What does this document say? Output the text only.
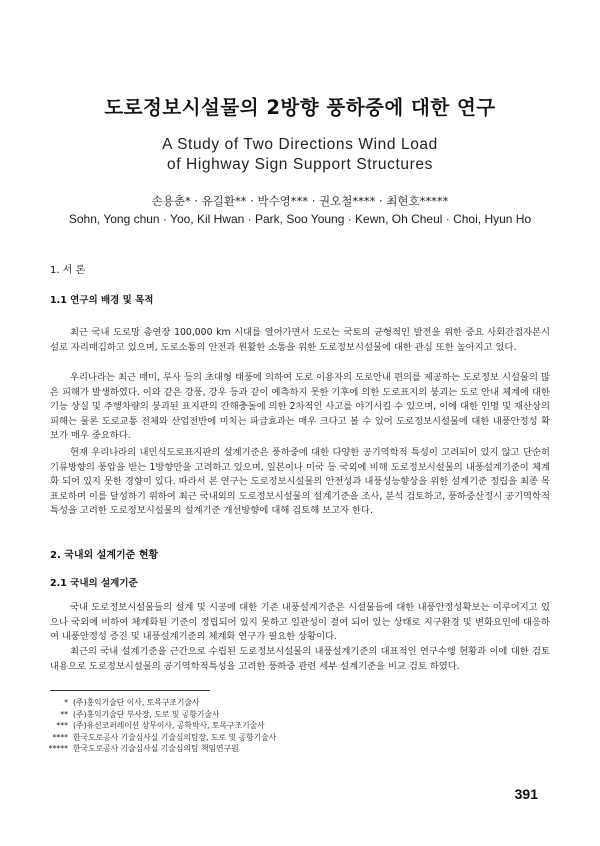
도로정보시설물의 2방향 풍하중에 대한 연구
A Study of Two Directions Wind Load
of Highway Sign Support Structures
손용춘* · 유길환** · 박수영*** · 권오철**** · 최현호*****
Sohn, Yong chun · Yoo, Kil Hwan · Park, Soo Young · Kewn, Oh Cheul · Choi, Hyun Ho
1. 서 론
1.1 연구의 배경 및 목적

최근 국내 도로망 총연장 100,000 km 시대를 열어가면서 도로는 국토의 균형적인 발전을 위한 중요 사회간접자본시설로 자리매김하고 있으며, 도로소통의 안전과 원활한 소통을 위한 도로정보시설물에 대한 관심 또한 높아지고 있다.

우리나라는 최근 매미, 루사 등의 초대형 태풍에 의하여 도로 이용자의 도로안내 편의를 제공하는 도로정보 시설물의 많은 피해가 발생하였다. 이와 같은 강풍, 강우 등과 같이 예측하지 못한 기후에 의한 도로표지의 붕괴는 도로 안내 체계에 대한 기능 상실 및 주행차량의 붕괴된 표지판의 잔해충돌에 의한 2차적인 사고를 야기시킬 수 있으며, 이에 대한 인명 및 재산상의 피해는 물론 도로교통 전체와 산업전반에 미치는 파급효과는 매우 크다고 볼 수 있어 도로정보시설물에 대한 내풍안정성 확보가 매우 중요하다.

현재 우리나라의 내민식도로표지판의 설계기준은 풍하중에 대한 다양한 공기역학적 특성이 고려되어 있지 않고 단순히 기류방향의 풍압을 받는 1방향만을 고려하고 있으며, 일본이나 미국 등 국외에 비해 도로정보시설물의 내풍설계기준이 체계화 되어 있지 못한 경향이 있다. 따라서 본 연구는 도로정보시설물의 안전성과 내풍성능향상을 위한 설계기준 정립을 최종 목표로하며 이를 달성하기 위하여 최근 국내외의 도로정보시설물의 설계기준을 조사, 분석 검토하고, 풍하중산정시 공기역학적 특성을 고려한 도로정보시설물의 설계기준 개선방향에 대해 검토해 보고자 한다.

2. 국내외 설계기준 현황
2.1 국내의 설계기준

국내 도로정보시설물들의 설계 및 시공에 대한 기존 내풍설계기준은 시설물들에 대한 내풍안정성확보는 이루어지고 있으나 국외에 비하여 체계화된 기준이 정립되어 있지 못하고 일관성이 결여 되어 있는 상태로 지구환경 및 변화요인에 대응하여 내풍안정성 증진 및 내풍설계기준의 체계화 연구가 필요한 상황이다.

최근의 국내 설계기준을 근간으로 수립된 도로정보시설물의 내풍설계기준의 대표적인 연구수행 현황과 이에 대한 검토내용으로 도로정보시설물의 공기역학적특성을 고려한 풍하중 관련 세부 설계기준을 비교 검토 하였다.

* (주)홍익기술단 이사, 토목구조기술사
** (주)홍익기술단 부사장, 도로 및 공항기술사
*** (주)유신코퍼레이션 상무이사, 공학박사, 토목구조기술사
**** 한국도로공사 기술심사실 기술심의팀장, 도로 및 공항기술사
***** 한국도로공사 기술심사실 기술심의팀 책임연구원
391
